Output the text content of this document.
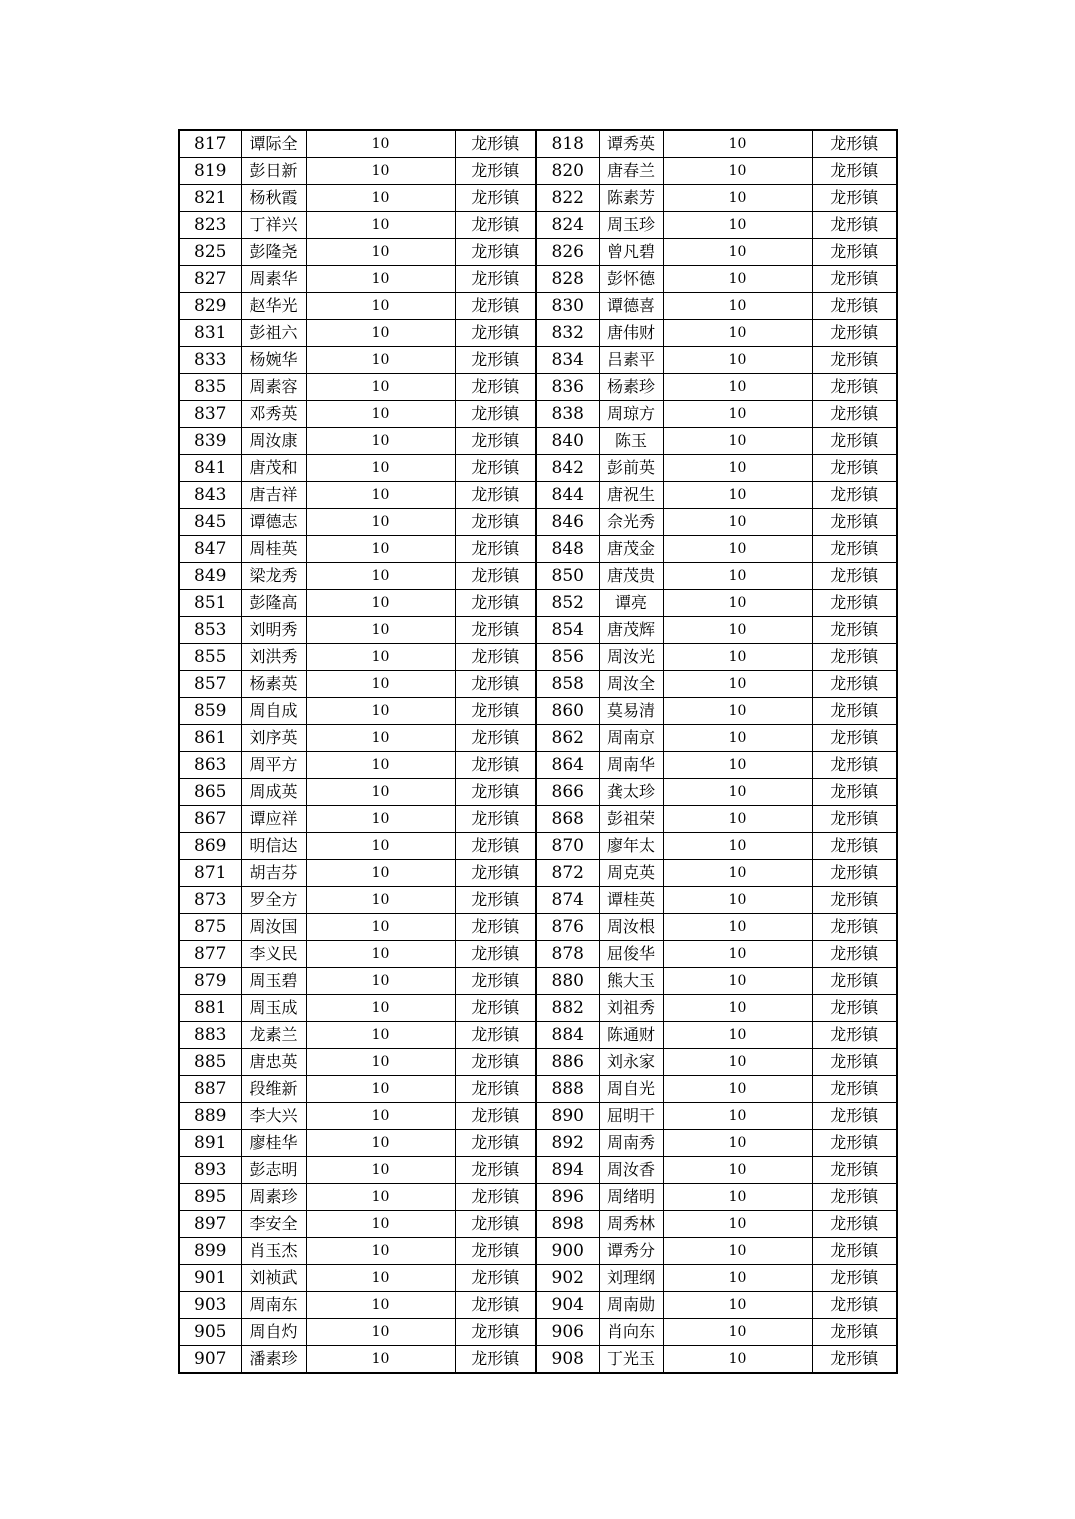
817	谭际全	10	龙形镇	818	谭秀英	10	龙形镇
819	彭日新	10	龙形镇	820	唐春兰	10	龙形镇
821	杨秋霞	10	龙形镇	822	陈素芳	10	龙形镇
823	丁祥兴	10	龙形镇	824	周玉珍	10	龙形镇
825	彭隆尧	10	龙形镇	826	曾凡碧	10	龙形镇
827	周素华	10	龙形镇	828	彭怀德	10	龙形镇
829	赵华光	10	龙形镇	830	谭德喜	10	龙形镇
831	彭祖六	10	龙形镇	832	唐伟财	10	龙形镇
833	杨婉华	10	龙形镇	834	吕素平	10	龙形镇
835	周素容	10	龙形镇	836	杨素珍	10	龙形镇
837	邓秀英	10	龙形镇	838	周琼方	10	龙形镇
839	周汝康	10	龙形镇	840	陈玉	10	龙形镇
841	唐茂和	10	龙形镇	842	彭前英	10	龙形镇
843	唐吉祥	10	龙形镇	844	唐祝生	10	龙形镇
845	谭德志	10	龙形镇	846	佘光秀	10	龙形镇
847	周桂英	10	龙形镇	848	唐茂金	10	龙形镇
849	梁龙秀	10	龙形镇	850	唐茂贵	10	龙形镇
851	彭隆高	10	龙形镇	852	谭亮	10	龙形镇
853	刘明秀	10	龙形镇	854	唐茂辉	10	龙形镇
855	刘洪秀	10	龙形镇	856	周汝光	10	龙形镇
857	杨素英	10	龙形镇	858	周汝全	10	龙形镇
859	周自成	10	龙形镇	860	莫易清	10	龙形镇
861	刘序英	10	龙形镇	862	周南京	10	龙形镇
863	周平方	10	龙形镇	864	周南华	10	龙形镇
865	周成英	10	龙形镇	866	龚太珍	10	龙形镇
867	谭应祥	10	龙形镇	868	彭祖荣	10	龙形镇
869	明信达	10	龙形镇	870	廖年太	10	龙形镇
871	胡吉芬	10	龙形镇	872	周克英	10	龙形镇
873	罗全方	10	龙形镇	874	谭桂英	10	龙形镇
875	周汝国	10	龙形镇	876	周汝根	10	龙形镇
877	李义民	10	龙形镇	878	屈俊华	10	龙形镇
879	周玉碧	10	龙形镇	880	熊大玉	10	龙形镇
881	周玉成	10	龙形镇	882	刘祖秀	10	龙形镇
883	龙素兰	10	龙形镇	884	陈通财	10	龙形镇
885	唐忠英	10	龙形镇	886	刘永家	10	龙形镇
887	段维新	10	龙形镇	888	周自光	10	龙形镇
889	李大兴	10	龙形镇	890	屈明干	10	龙形镇
891	廖桂华	10	龙形镇	892	周南秀	10	龙形镇
893	彭志明	10	龙形镇	894	周汝香	10	龙形镇
895	周素珍	10	龙形镇	896	周绪明	10	龙形镇
897	李安全	10	龙形镇	898	周秀林	10	龙形镇
899	肖玉杰	10	龙形镇	900	谭秀分	10	龙形镇
901	刘祯武	10	龙形镇	902	刘理纲	10	龙形镇
903	周南东	10	龙形镇	904	周南勋	10	龙形镇
905	周自灼	10	龙形镇	906	肖向东	10	龙形镇
907	潘素珍	10	龙形镇	908	丁光玉	10	龙形镇
